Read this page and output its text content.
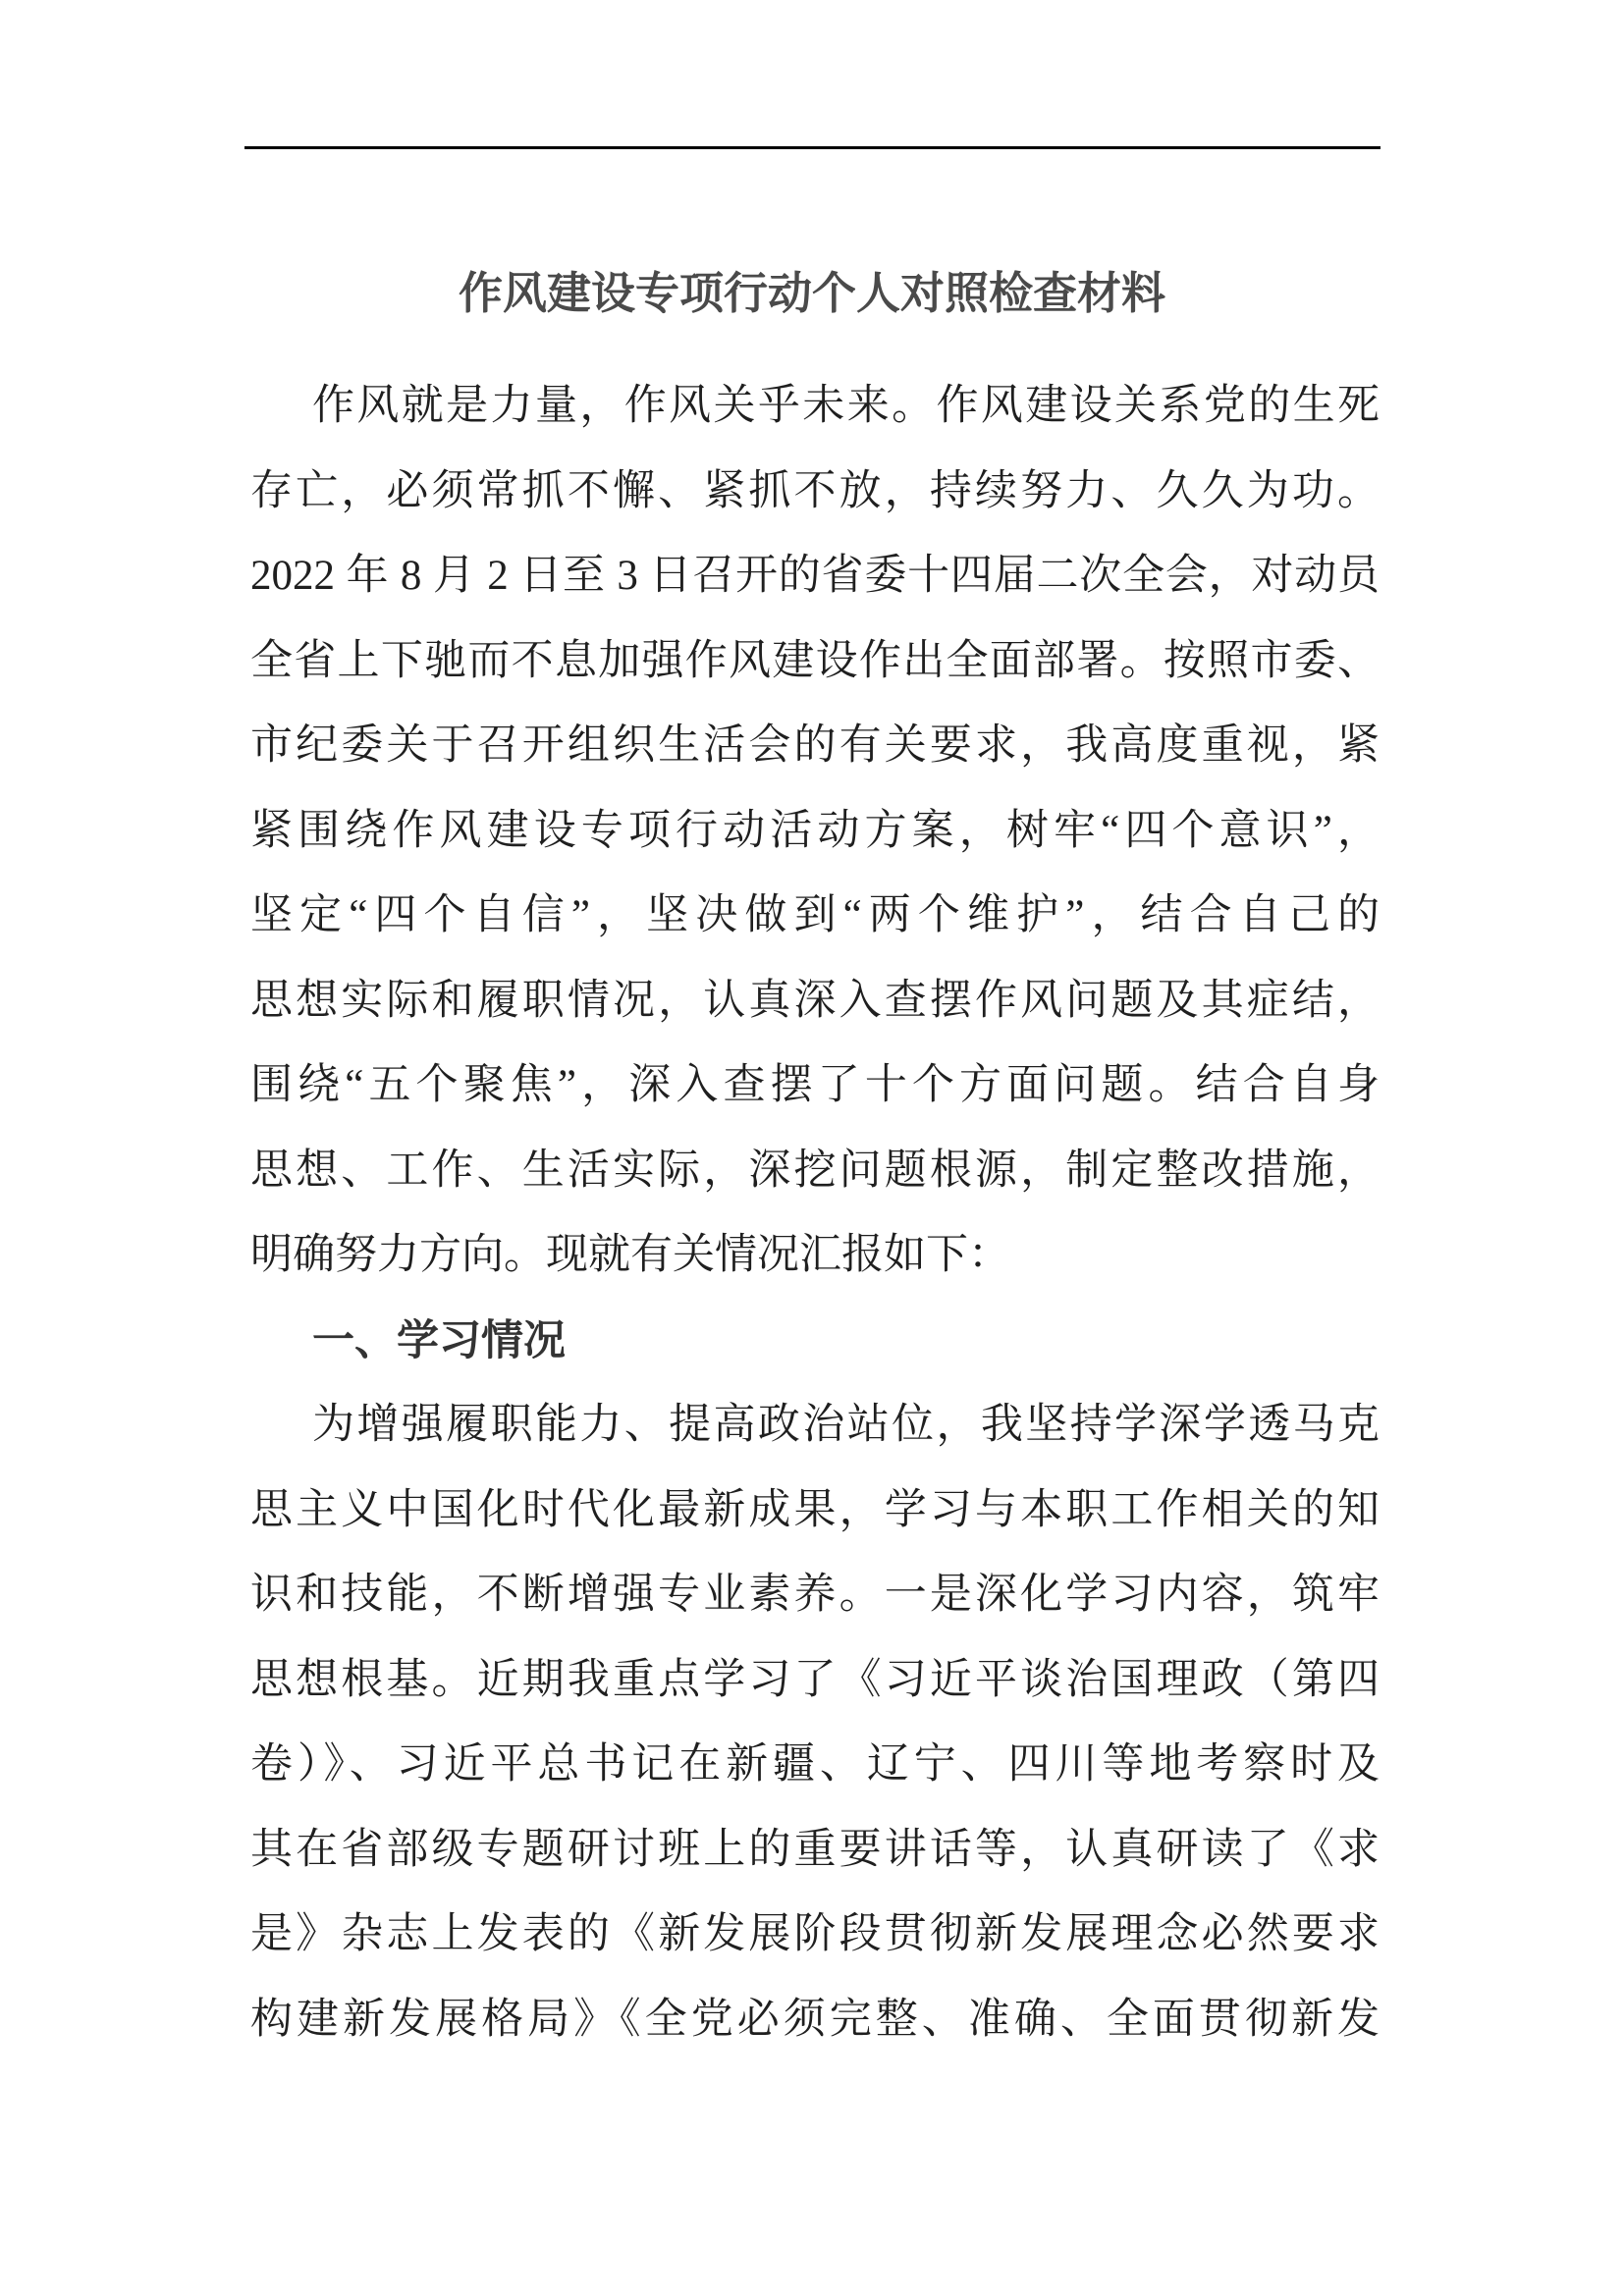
作风建设专项行动个人对照检查材料
作风就是力量，作风关乎未来。作风建设关系党的生死
存亡，必须常抓不懈、紧抓不放，持续努力、久久为功。
2022 年 8 月 2 日至 3 日召开的省委十四届二次全会，对动员
全省上下驰而不息加强作风建设作出全面部署。按照市委、
市纪委关于召开组织生活会的有关要求，我高度重视，紧
紧围绕作风建设专项行动活动方案，树牢“四个意识”，
坚定“四个自信”，坚决做到“两个维护”，结合自己的
思想实际和履职情况，认真深入查摆作风问题及其症结，
围绕“五个聚焦”，深入查摆了十个方面问题。结合自身
思想、工作、生活实际，深挖问题根源，制定整改措施，
明确努力方向。现就有关情况汇报如下：
一、学习情况
为增强履职能力、提高政治站位，我坚持学深学透马克
思主义中国化时代化最新成果，学习与本职工作相关的知
识和技能，不断增强专业素养。一是深化学习内容，筑牢
思想根基。近期我重点学习了《习近平谈治国理政（第四
卷）》、习近平总书记在新疆、辽宁、四川等地考察时及
其在省部级专题研讨班上的重要讲话等，认真研读了《求
是》杂志上发表的《新发展阶段贯彻新发展理念必然要求
构建新发展格局》《全党必须完整、准确、全面贯彻新发
